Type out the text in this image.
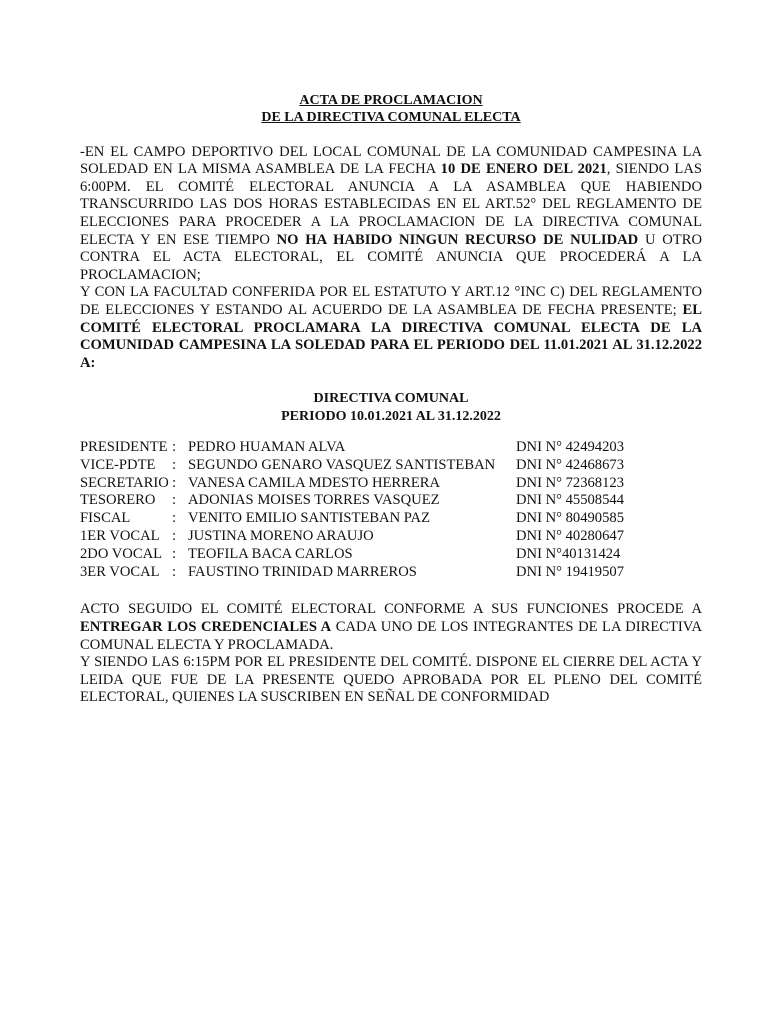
ACTA DE PROCLAMACION
DE LA DIRECTIVA COMUNAL ELECTA
-EN EL CAMPO DEPORTIVO DEL LOCAL COMUNAL DE LA COMUNIDAD CAMPESINA LA SOLEDAD EN LA MISMA ASAMBLEA DE LA FECHA 10 DE ENERO DEL 2021, SIENDO LAS 6:00PM. EL COMITÉ ELECTORAL ANUNCIA A LA ASAMBLEA QUE HABIENDO TRANSCURRIDO LAS DOS HORAS ESTABLECIDAS EN EL ART.52° DEL REGLAMENTO DE ELECCIONES PARA PROCEDER A LA PROCLAMACION DE LA DIRECTIVA COMUNAL ELECTA Y EN ESE TIEMPO NO HA HABIDO NINGUN RECURSO DE NULIDAD U OTRO CONTRA EL ACTA ELECTORAL, EL COMITÉ ANUNCIA QUE PROCEDERÁ A LA PROCLAMACION;
Y CON LA FACULTAD CONFERIDA POR EL ESTATUTO Y ART.12 °INC C) DEL REGLAMENTO DE ELECCIONES Y ESTANDO AL ACUERDO DE LA ASAMBLEA DE FECHA PRESENTE; EL COMITÉ ELECTORAL PROCLAMARA LA DIRECTIVA COMUNAL ELECTA DE LA COMUNIDAD CAMPESINA LA SOLEDAD PARA EL PERIODO DEL 11.01.2021 AL 31.12.2022 A:
DIRECTIVA COMUNAL
PERIODO 10.01.2021 AL 31.12.2022
PRESIDENTE : PEDRO HUAMAN ALVA	DNI N° 42494203
VICE-PDTE : SEGUNDO GENARO VASQUEZ SANTISTEBAN DNI N° 42468673
SECRETARIO : VANESA CAMILA MDESTO HERRERA	DNI N° 72368123
TESORERO : ADONIAS MOISES TORRES VASQUEZ	DNI N° 45508544
FISCAL	: VENITO EMILIO SANTISTEBAN PAZ	DNI N° 80490585
1ER VOCAL : JUSTINA MORENO ARAUJO	DNI N° 40280647
2DO VOCAL : TEOFILA BACA CARLOS	DNI N°40131424
3ER VOCAL : FAUSTINO TRINIDAD MARREROS	DNI N° 19419507
ACTO SEGUIDO EL COMITÉ ELECTORAL CONFORME A SUS FUNCIONES PROCEDE A ENTREGAR LOS CREDENCIALES A CADA UNO DE LOS INTEGRANTES DE LA DIRECTIVA COMUNAL ELECTA Y PROCLAMADA.
Y SIENDO LAS 6:15PM POR EL PRESIDENTE DEL COMITÉ. DISPONE EL CIERRE DEL ACTA Y LEIDA QUE FUE DE LA PRESENTE QUEDO APROBADA POR EL PLENO DEL COMITÉ ELECTORAL, QUIENES LA SUSCRIBEN EN SEÑAL DE CONFORMIDAD
